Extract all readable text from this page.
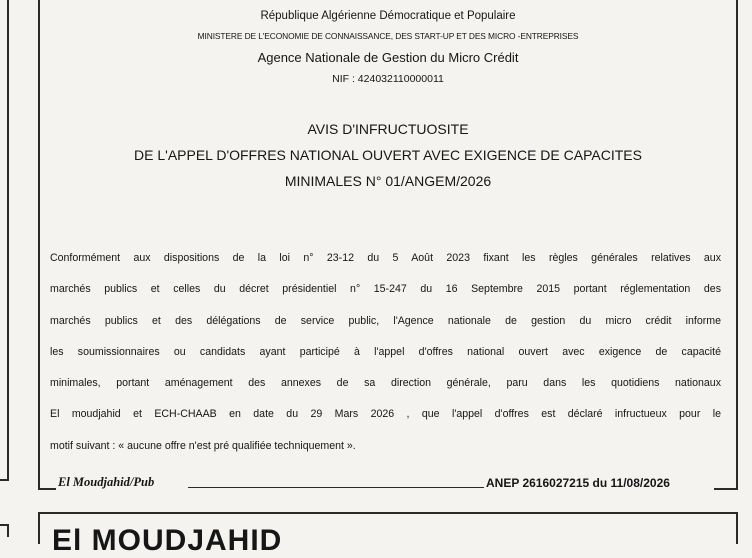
République Algérienne Démocratique et Populaire
MINISTERE DE L'ECONOMIE DE CONNAISSANCE, DES START-UP ET DES MICRO -ENTREPRISES
Agence Nationale de Gestion du Micro Crédit
NIF : 424032110000011
AVIS D'INFRUCTUOSITE
DE L'APPEL D'OFFRES NATIONAL OUVERT AVEC EXIGENCE DE CAPACITES
MINIMALES N° 01/ANGEM/2026
Conformément aux dispositions de la loi n° 23-12 du 5 Août 2023 fixant les règles générales relatives aux
marchés publics et celles du décret présidentiel n° 15-247 du 16 Septembre 2015 portant réglementation des
marchés publics et des délégations de service public, l'Agence nationale de gestion du micro crédit informe
les soumissionnaires ou candidats ayant participé à l'appel d'offres national ouvert avec exigence de capacité
minimales, portant aménagement des annexes de sa direction générale, paru dans les quotidiens nationaux
El moudjahid et ECH-CHAAB en date du 29 Mars 2026 , que l'appel d'offres est déclaré infructueux pour le
motif suivant : « aucune offre n'est pré qualifiée techniquement ».
El Moudjahid/Pub	ANEP 2616027215 du 11/08/2026
El MOUDJAHID
